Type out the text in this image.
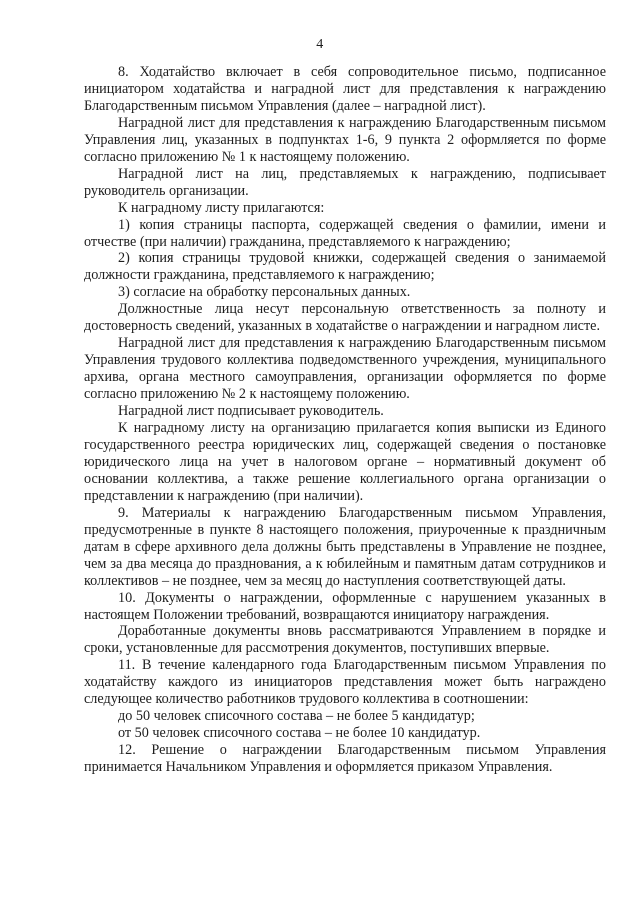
4

8. Ходатайство включает в себя сопроводительное письмо, подписанное инициатором ходатайства и наградной лист для представления к награждению Благодарственным письмом Управления (далее – наградной лист).

Наградной лист для представления к награждению Благодарственным письмом Управления лиц, указанных в подпунктах 1-6, 9 пункта 2 оформляется по форме согласно приложению № 1 к настоящему положению.

Наградной лист на лиц, представляемых к награждению, подписывает руководитель организации.

К наградному листу прилагаются:

1) копия страницы паспорта, содержащей сведения о фамилии, имени и отчестве (при наличии) гражданина, представляемого к награждению;

2) копия страницы трудовой книжки, содержащей сведения о занимаемой должности гражданина, представляемого к награждению;

3) согласие на обработку персональных данных.

Должностные лица несут персональную ответственность за полноту и достоверность сведений, указанных в ходатайстве о награждении и наградном листе.

Наградной лист для представления к награждению Благодарственным письмом Управления трудового коллектива подведомственного учреждения, муниципального архива, органа местного самоуправления, организации оформляется по форме согласно приложению № 2 к настоящему положению.

Наградной лист подписывает руководитель.

К наградному листу на организацию прилагается копия выписки из Единого государственного реестра юридических лиц, содержащей сведения о постановке юридического лица на учет в налоговом органе – нормативный документ об основании коллектива, а также решение коллегиального органа организации о представлении к награждению (при наличии).

9. Материалы к награждению Благодарственным письмом Управления, предусмотренные в пункте 8 настоящего положения, приуроченные к праздничным датам в сфере архивного дела должны быть представлены в Управление не позднее, чем за два месяца до празднования, а к юбилейным и памятным датам сотрудников и коллективов – не позднее, чем за месяц до наступления соответствующей даты.

10. Документы о награждении, оформленные с нарушением указанных в настоящем Положении требований, возвращаются инициатору награждения.

Доработанные документы вновь рассматриваются Управлением в порядке и сроки, установленные для рассмотрения документов, поступивших впервые.

11. В течение календарного года Благодарственным письмом Управления по ходатайству каждого из инициаторов представления может быть награждено следующее количество работников трудового коллектива в соотношении:

до 50 человек списочного состава – не более 5 кандидатур;

от 50 человек списочного состава – не более 10 кандидатур.

12. Решение о награждении Благодарственным письмом Управления принимается Начальником Управления и оформляется приказом Управления.
